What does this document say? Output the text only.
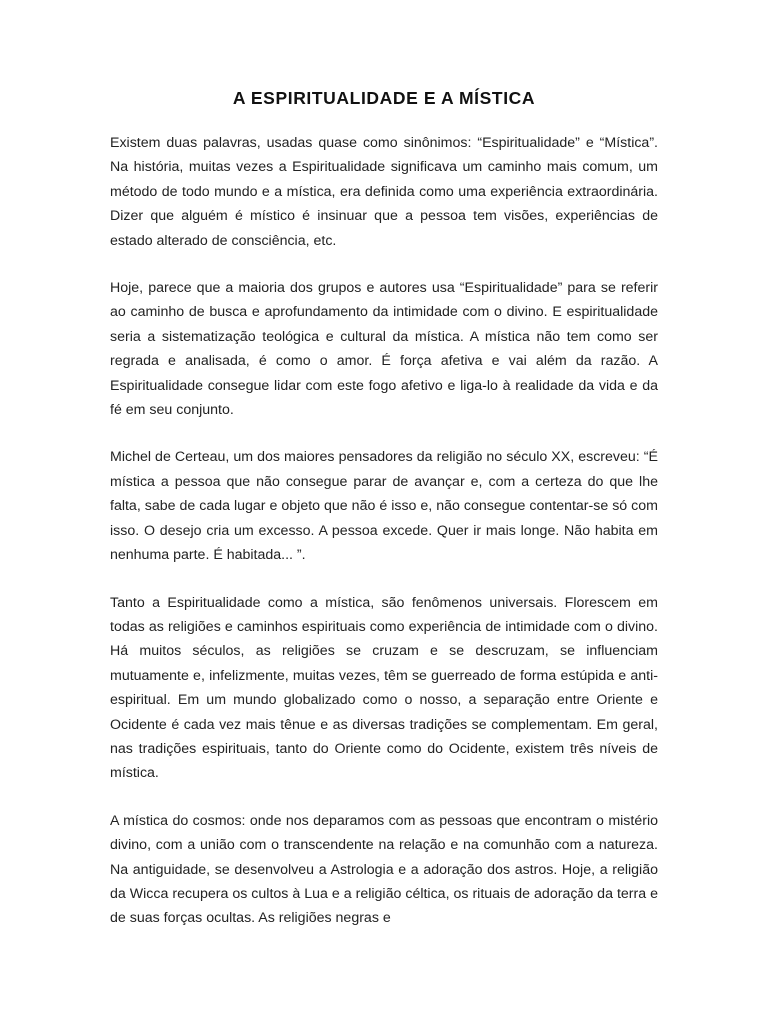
A ESPIRITUALIDADE E A MÍSTICA

Existem duas palavras, usadas quase como sinônimos: “Espiritualidade” e “Mística”. Na história, muitas vezes a Espiritualidade significava um caminho mais comum, um método de todo mundo e a mística, era definida como uma experiência extraordinária. Dizer que alguém é místico é insinuar que a pessoa tem visões, experiências de estado alterado de consciência, etc.

Hoje, parece que a maioria dos grupos e autores usa “Espiritualidade” para se referir ao caminho de busca e aprofundamento da intimidade com o divino. E espiritualidade seria a sistematização teológica e cultural da mística. A mística não tem como ser regrada e analisada, é como o amor. É força afetiva e vai além da razão. A Espiritualidade consegue lidar com este fogo afetivo e liga-lo à realidade da vida e da fé em seu conjunto.

Michel de Certeau, um dos maiores pensadores da religião no século XX, escreveu: “É mística a pessoa que não consegue parar de avançar e, com a certeza do que lhe falta, sabe de cada lugar e objeto que não é isso e, não consegue contentar-se só com isso. O desejo cria um excesso. A pessoa excede. Quer ir mais longe. Não habita em nenhuma parte. É habitada... ”.

Tanto a Espiritualidade como a mística, são fenômenos universais. Florescem em todas as religiões e caminhos espirituais como experiência de intimidade com o divino. Há muitos séculos, as religiões se cruzam e se descruzam, se influenciam mutuamente e, infelizmente, muitas vezes, têm se guerreado de forma estúpida e anti-espiritual. Em um mundo globalizado como o nosso, a separação entre Oriente e Ocidente é cada vez mais tênue e as diversas tradições se complementam. Em geral, nas tradições espirituais, tanto do Oriente como do Ocidente, existem três níveis de mística.

A mística do cosmos: onde nos deparamos com as pessoas que encontram o mistério divino, com a união com o transcendente na relação e na comunhão com a natureza. Na antiguidade, se desenvolveu a Astrologia e a adoração dos astros. Hoje, a religião da Wicca recupera os cultos à Lua e a religião céltica, os rituais de adoração da terra e de suas forças ocultas. As religiões negras e
